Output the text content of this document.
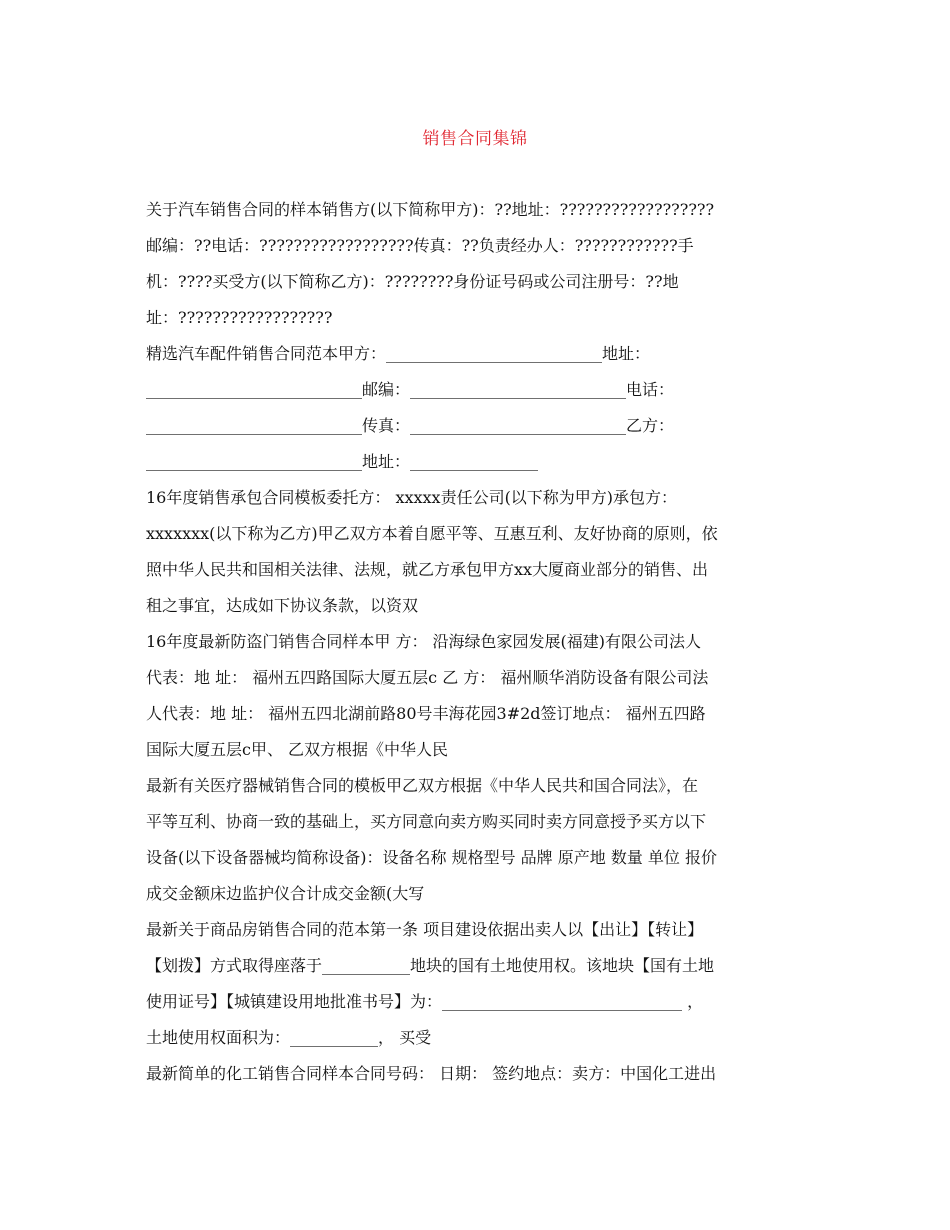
销售合同集锦
关于汽车销售合同的样本销售方(以下简称甲方)：??地址：??????????????????
邮编：??电话：??????????????????传真：??负责经办人：????????????手
机：????买受方(以下简称乙方)：????????身份证号码或公司注册号：??地
址：??????????????????
精选汽车配件销售合同范本甲方：___________________________地址：
___________________________邮编：___________________________电话：
___________________________传真：___________________________乙方：
___________________________地址：________________
16年度销售承包合同模板委托方： xxxxx责任公司(以下称为甲方)承包方：
xxxxxxx(以下称为乙方)甲乙双方本着自愿平等、互惠互利、友好协商的原则，依
照中华人民共和国相关法律、法规，就乙方承包甲方xx大厦商业部分的销售、出
租之事宜，达成如下协议条款，以资双
16年度最新防盗门销售合同样本甲 方： 沿海绿色家园发展(福建)有限公司法人
代表：地 址： 福州五四路国际大厦五层c 乙 方： 福州顺华消防设备有限公司法
人代表：地 址： 福州五四北湖前路80号丰海花园3#2d签订地点： 福州五四路
国际大厦五层c甲、 乙双方根据《中华人民
最新有关医疗器械销售合同的模板甲乙双方根据《中华人民共和国合同法》，在
平等互利、协商一致的基础上，买方同意向卖方购买同时卖方同意授予买方以下
设备(以下设备器械均简称设备)：设备名称 规格型号 品牌 原产地 数量 单位 报价
成交金额床边监护仪合计成交金额(大写
最新关于商品房销售合同的范本第一条 项目建设依据出卖人以【出让】【转让】
【划拨】方式取得座落于___________地块的国有土地使用权。该地块【国有土地
使用证号】【城镇建设用地批准书号】为：______________________________ ，
土地使用权面积为：___________， 买受
最新简单的化工销售合同样本合同号码： 日期： 签约地点：卖方：中国化工进出
